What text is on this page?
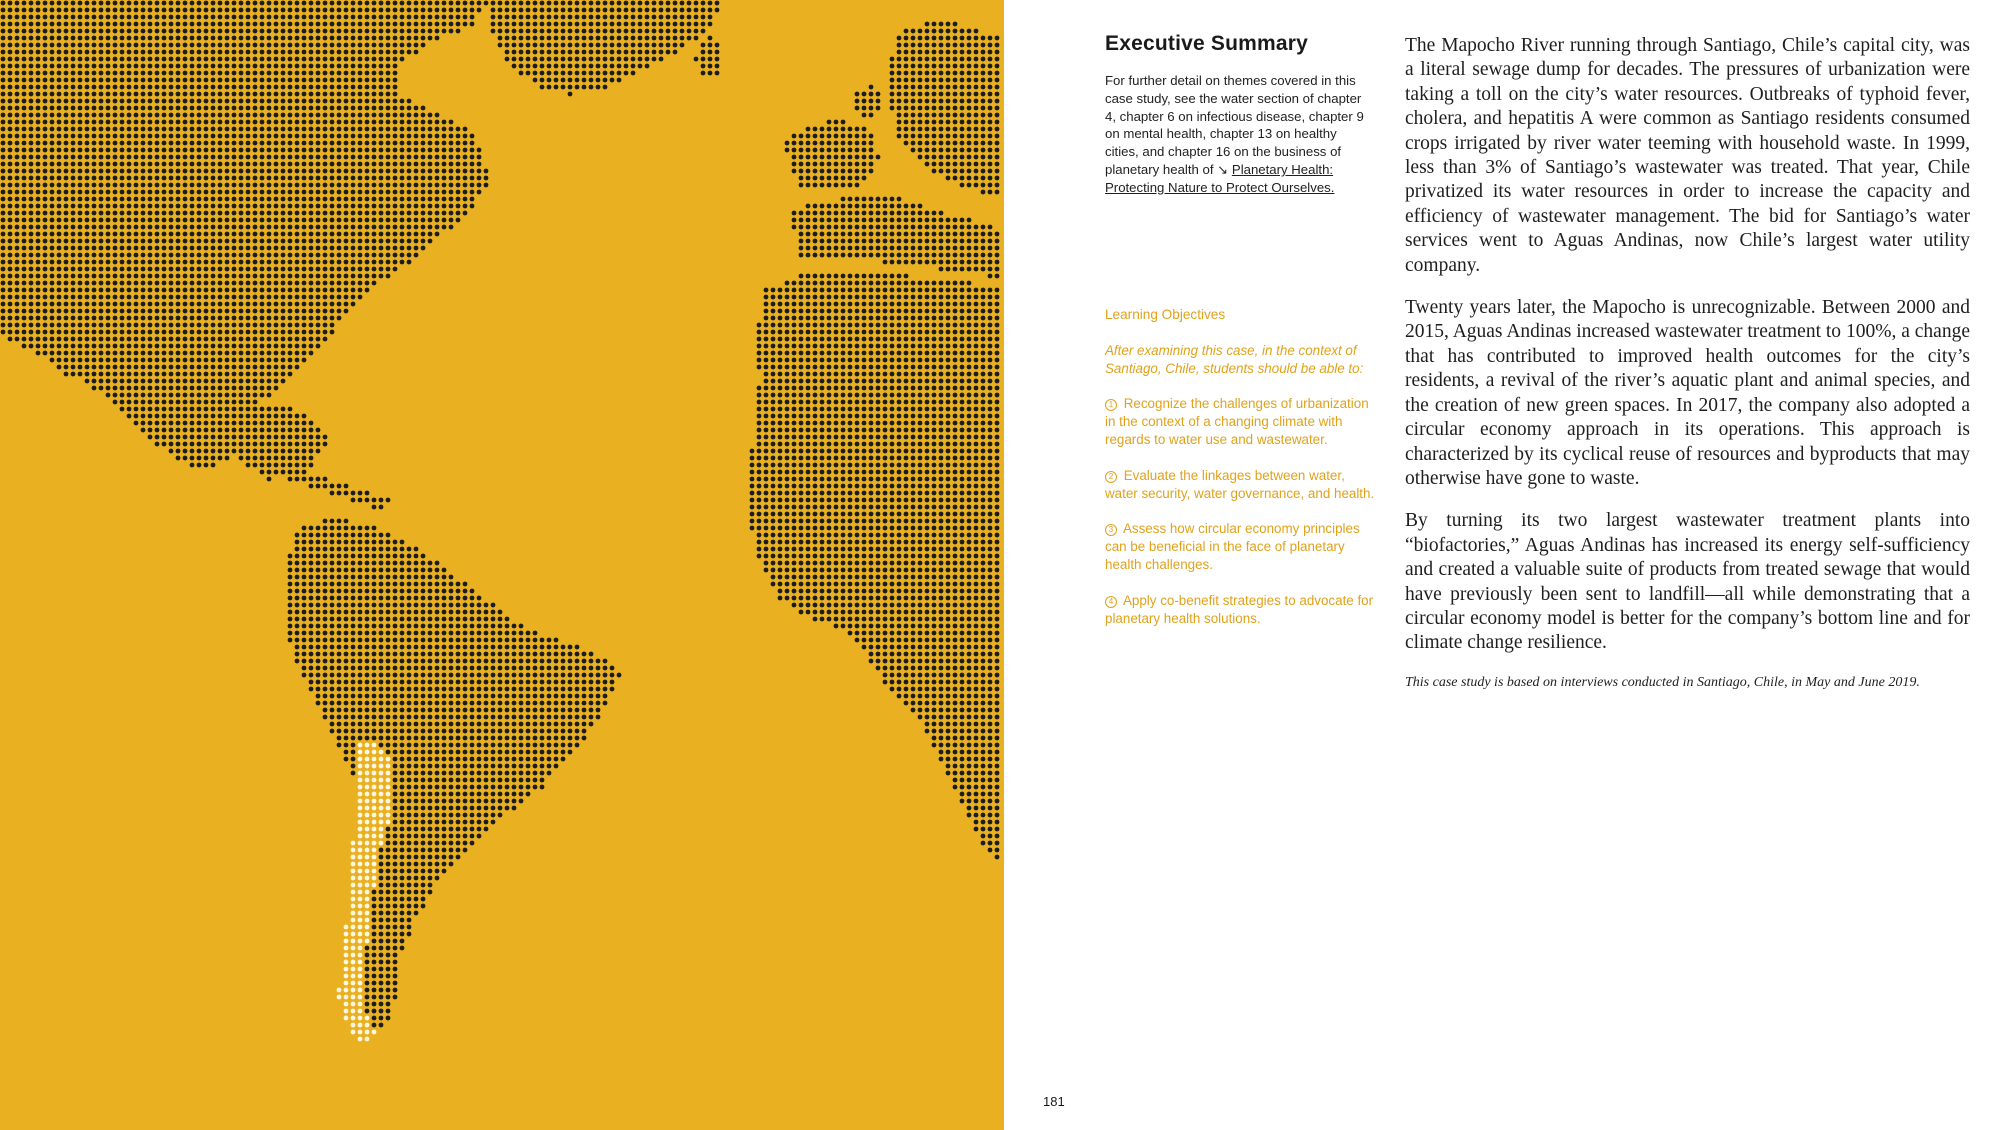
Executive Summary

For further detail on themes covered in this case study, see the water section of chapter 4, chapter 6 on infectious disease, chapter 9 on mental health, chapter 13 on healthy cities, and chapter 16 on the business of planetary health of ↘ Planetary Health: Protecting Nature to Protect Ourselves.

Learning Objectives

After examining this case, in the context of Santiago, Chile, students should be able to:

1 Recognize the challenges of urbanization in the context of a changing climate with regards to water use and wastewater.
2 Evaluate the linkages between water, water security, water governance, and health.
3 Assess how circular economy principles can be beneficial in the face of planetary health challenges.
4 Apply co-benefit strategies to advocate for planetary health solutions.

The Mapocho River running through Santiago, Chile’s capital city, was a literal sewage dump for decades. The pressures of urbanization were taking a toll on the city’s water resources. Outbreaks of typhoid fever, cholera, and hepatitis A were common as Santiago residents consumed crops irrigated by river water teeming with household waste. In 1999, less than 3% of Santiago’s wastewater was treated. That year, Chile privatized its water resources in order to increase the capacity and efficiency of wastewater management. The bid for Santiago’s water services went to Aguas Andinas, now Chile’s largest water utility company.

Twenty years later, the Mapocho is unrecognizable. Between 2000 and 2015, Aguas Andinas increased wastewater treatment to 100%, a change that has contributed to improved health outcomes for the city’s residents, a revival of the river’s aquatic plant and animal species, and the creation of new green spaces. In 2017, the company also adopted a circular economy approach in its operations. This approach is characterized by its cyclical reuse of resources and byproducts that may otherwise have gone to waste.

By turning its two largest wastewater treatment plants into “biofactories,” Aguas Andinas has increased its energy self-sufficiency and created a valuable suite of products from treated sewage that would have previously been sent to landfill—all while demonstrating that a circular economy model is better for the company’s bottom line and for climate change resilience.

This case study is based on interviews conducted in Santiago, Chile, in May and June 2019.

181
